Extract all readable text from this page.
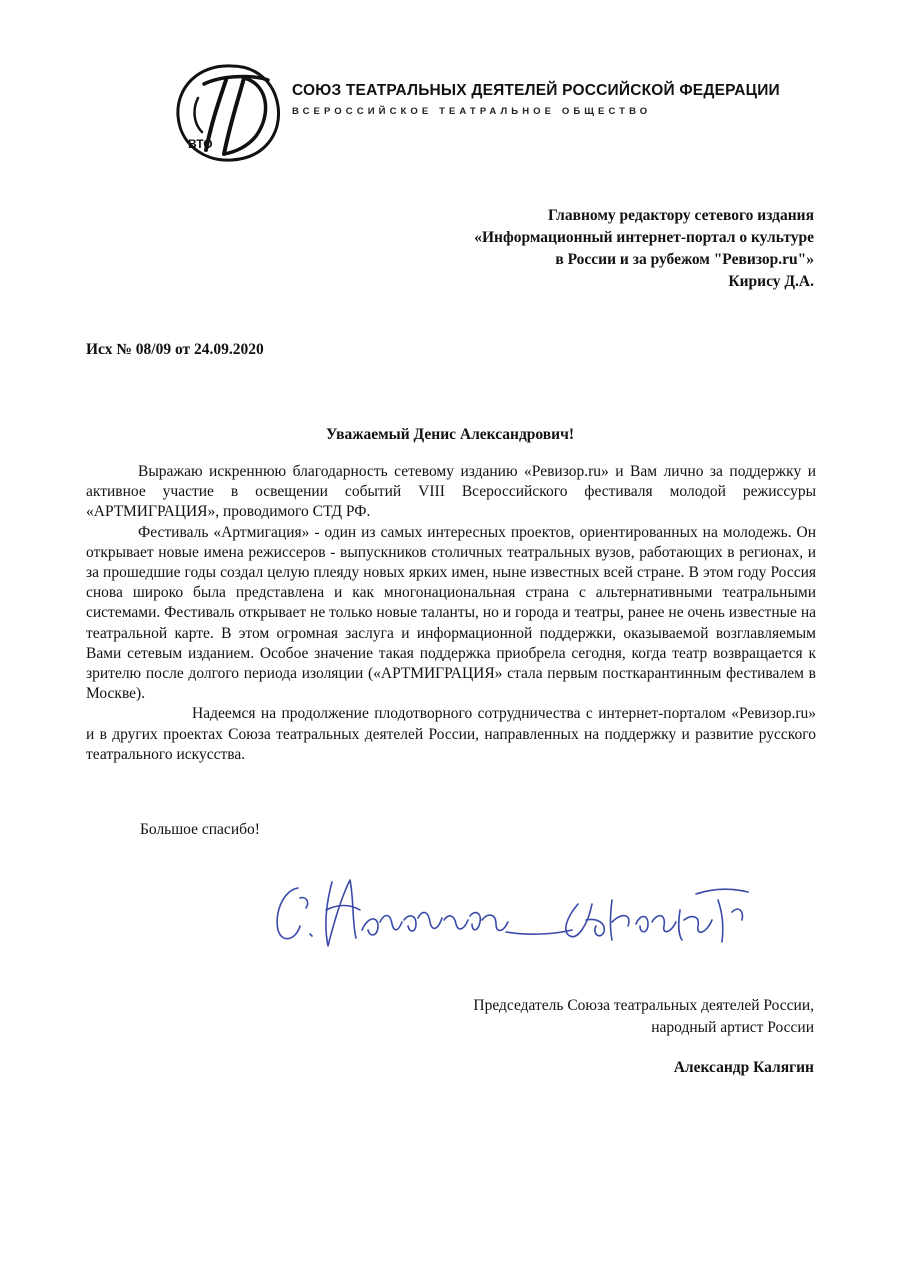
ВТО
СОЮЗ ТЕАТРАЛЬНЫХ ДЕЯТЕЛЕЙ РОССИЙСКОЙ ФЕДЕРАЦИИ
ВСЕРОССИЙСКОЕ ТЕАТРАЛЬНОЕ ОБЩЕСТВО
Главному редактору сетевого издания
«Информационный интернет-портал о культуре
в России и за рубежом "Ревизор.ru"»
Кирису Д.А.
Исх № 08/09 от 24.09.2020
Уважаемый Денис Александрович!

Выражаю искреннюю благодарность сетевому изданию «Ревизор.ru» и Вам лично за поддержку и активное участие в освещении событий VIII Всероссийского фестиваля молодой режиссуры «АРТМИГРАЦИЯ», проводимого СТД РФ.

Фестиваль «Артмигация» - один из самых интересных проектов, ориентированных на молодежь. Он открывает новые имена режиссеров - выпускников столичных театральных вузов, работающих в регионах, и за прошедшие годы создал целую плеяду новых ярких имен, ныне известных всей стране. В этом году Россия снова широко была представлена и как многонациональная страна с альтернативными театральными системами. Фестиваль открывает не только новые таланты, но и города и театры, ранее не очень известные на театральной карте. В этом огромная заслуга и информационной поддержки, оказываемой возглавляемым Вами сетевым изданием. Особое значение такая поддержка приобрела сегодня, когда театр возвращается к зрителю после долгого периода изоляции («АРТМИГРАЦИЯ» стала первым посткарантинным фестивалем в Москве).

Надеемся на продолжение плодотворного сотрудничества с интернет-порталом «Ревизор.ru» и в других проектах Союза театральных деятелей России, направленных на поддержку и развитие русского театрального искусства.

Большое спасибо!
Председатель Союза театральных деятелей России,
народный артист России
Александр Калягин
